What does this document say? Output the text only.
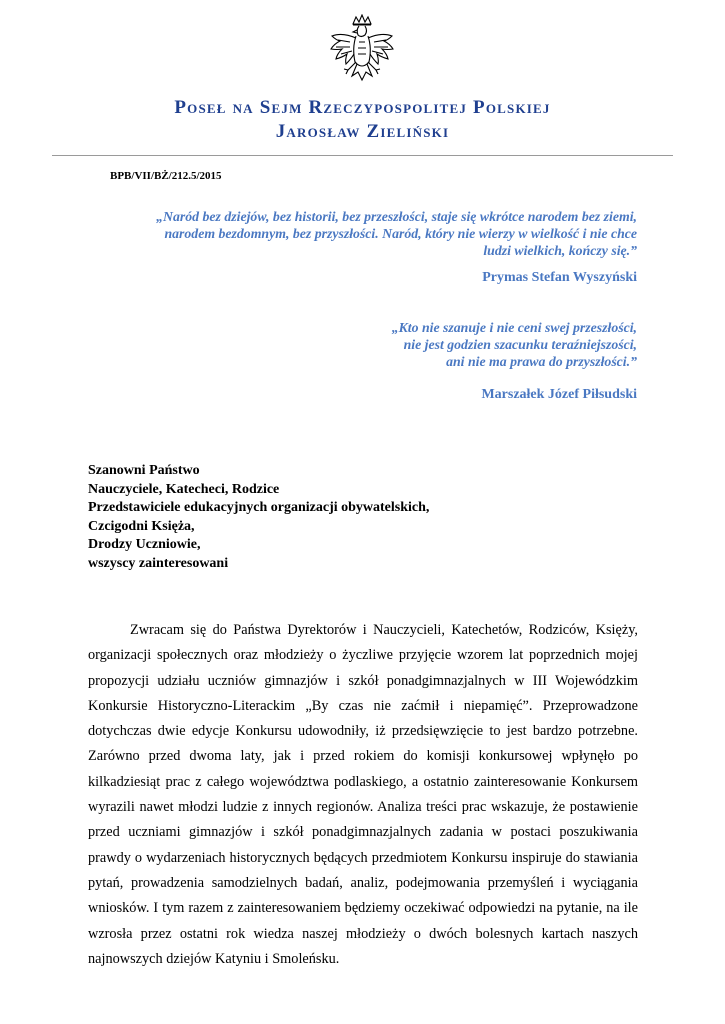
Poseł na Sejm Rzeczypospolitej Polskiej
Jarosław Zieliński
BPB/VII/BŻ/212.5/2015
„Naród bez dziejów, bez historii, bez przeszłości, staje się wkrótce narodem bez ziemi,
narodem bezdomnym, bez przyszłości. Naród, który nie wierzy w wielkość i nie chce
ludzi wielkich, kończy się.”
Prymas Stefan Wyszyński
„Kto nie szanuje i nie ceni swej przeszłości,
nie jest godzien szacunku teraźniejszości,
ani nie ma prawa do przyszłości.”
Marszałek Józef Piłsudski
Szanowni Państwo
Nauczyciele, Katecheci, Rodzice
Przedstawiciele edukacyjnych organizacji obywatelskich,
Czcigodni Księża,
Drodzy Uczniowie,
wszyscy zainteresowani

Zwracam się do Państwa Dyrektorów i Nauczycieli, Katechetów, Rodziców, Księży, organizacji społecznych oraz młodzieży o życzliwe przyjęcie wzorem lat poprzednich mojej propozycji udziału uczniów gimnazjów i szkół ponadgimnazjalnych w III Wojewódzkim Konkursie Historyczno-Literackim „By czas nie zaćmił i niepamięć”. Przeprowadzone dotychczas dwie edycje Konkursu udowodniły, iż przedsięwzięcie to jest bardzo potrzebne. Zarówno przed dwoma laty, jak i przed rokiem do komisji konkursowej wpłynęło po kilkadziesiąt prac z całego województwa podlaskiego, a ostatnio zainteresowanie Konkursem wyrazili nawet młodzi ludzie z innych regionów. Analiza treści prac wskazuje, że postawienie przed uczniami gimnazjów i szkół ponadgimnazjalnych zadania w postaci poszukiwania prawdy o wydarzeniach historycznych będących przedmiotem Konkursu inspiruje do stawiania pytań, prowadzenia samodzielnych badań, analiz, podejmowania przemyśleń i wyciągania wniosków. I tym razem z zainteresowaniem będziemy oczekiwać odpowiedzi na pytanie, na ile wzrosła przez ostatni rok wiedza naszej młodzieży o dwóch bolesnych kartach naszych najnowszych dziejów Katyniu i Smoleńsku.
